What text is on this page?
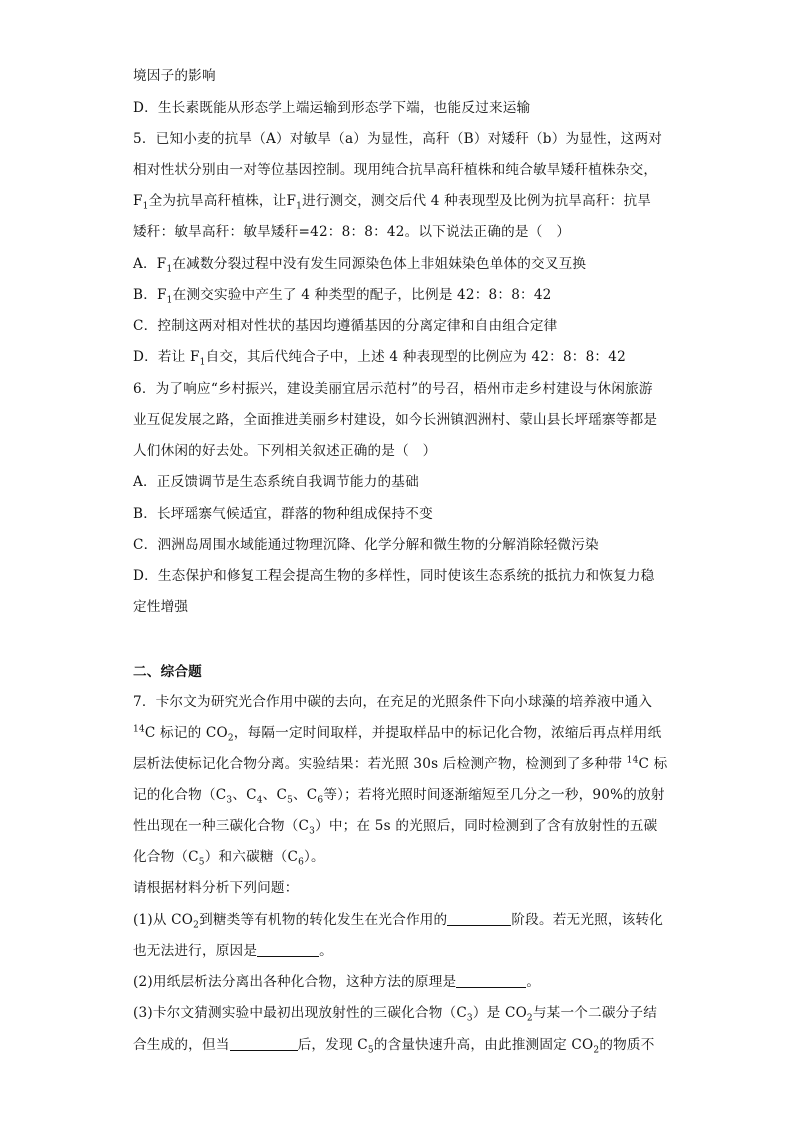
境因子的影响
D．生长素既能从形态学上端运输到形态学下端，也能反过来运输
5．已知小麦的抗旱（A）对敏旱（a）为显性，高秆（B）对矮秆（b）为显性，这两对
相对性状分别由一对等位基因控制。现用纯合抗旱高秆植株和纯合敏旱矮秆植株杂交，
$F_1$全为抗旱高秆植株，让$F_1$进行测交，测交后代 4 种表现型及比例为抗旱高秆：抗旱
矮秆：敏旱高秆：敏旱矮秆=42：8：8：42。以下说法正确的是（　）
A．$F_1$在减数分裂过程中没有发生同源染色体上非姐妹染色单体的交叉互换
B．$F_1$在测交实验中产生了 4 种类型的配子，比例是 42：8：8：42
C．控制这两对相对性状的基因均遵循基因的分离定律和自由组合定律
D．若让 $F_1$自交，其后代纯合子中，上述 4 种表现型的比例应为 42：8：8：42
6．为了响应“乡村振兴，建设美丽宜居示范村”的号召，梧州市走乡村建设与休闲旅游
业互促发展之路，全面推进美丽乡村建设，如今长洲镇泗洲村、蒙山县长坪瑶寨等都是
人们休闲的好去处。下列相关叙述正确的是（　）
A．正反馈调节是生态系统自我调节能力的基础
B．长坪瑶寨气候适宜，群落的物种组成保持不变
C．泗洲岛周围水域能通过物理沉降、化学分解和微生物的分解消除轻微污染
D．生态保护和修复工程会提高生物的多样性，同时使该生态系统的抵抗力和恢复力稳
定性增强
二、综合题
7．卡尔文为研究光合作用中碳的去向，在充足的光照条件下向小球藻的培养液中通入
$^{14}$C 标记的 $CO_2$，每隔一定时间取样，并提取样品中的标记化合物，浓缩后再点样用纸
层析法使标记化合物分离。实验结果：若光照 30s 后检测产物，检测到了多种带 $^{14}$C 标
记的化合物（$C_3$、$C_4$、$C_5$、$C_6$等）；若将光照时间逐渐缩短至几分之一秒，90%的放射
性出现在一种三碳化合物$(C_3)$中；在 5s 的光照后，同时检测到了含有放射性的五碳
化合物$(C_5)$和六碳糖$(C_6)$。
请根据材料分析下列问题：
(1)从 $CO_2$到糖类等有机物的转化发生在光合作用的	阶段。若无光照，该转化
也无法进行，原因是	。
(2)用纸层析法分离出各种化合物，这种方法的原理是	。
(3)卡尔文猜测实验中最初出现放射性的三碳化合物$(C_3)$是 $CO_2$与某一个二碳分子结
合生成的，但当	后，发现 $C_5$的含量快速升高，由此推测固定 $CO_2$的物质不
